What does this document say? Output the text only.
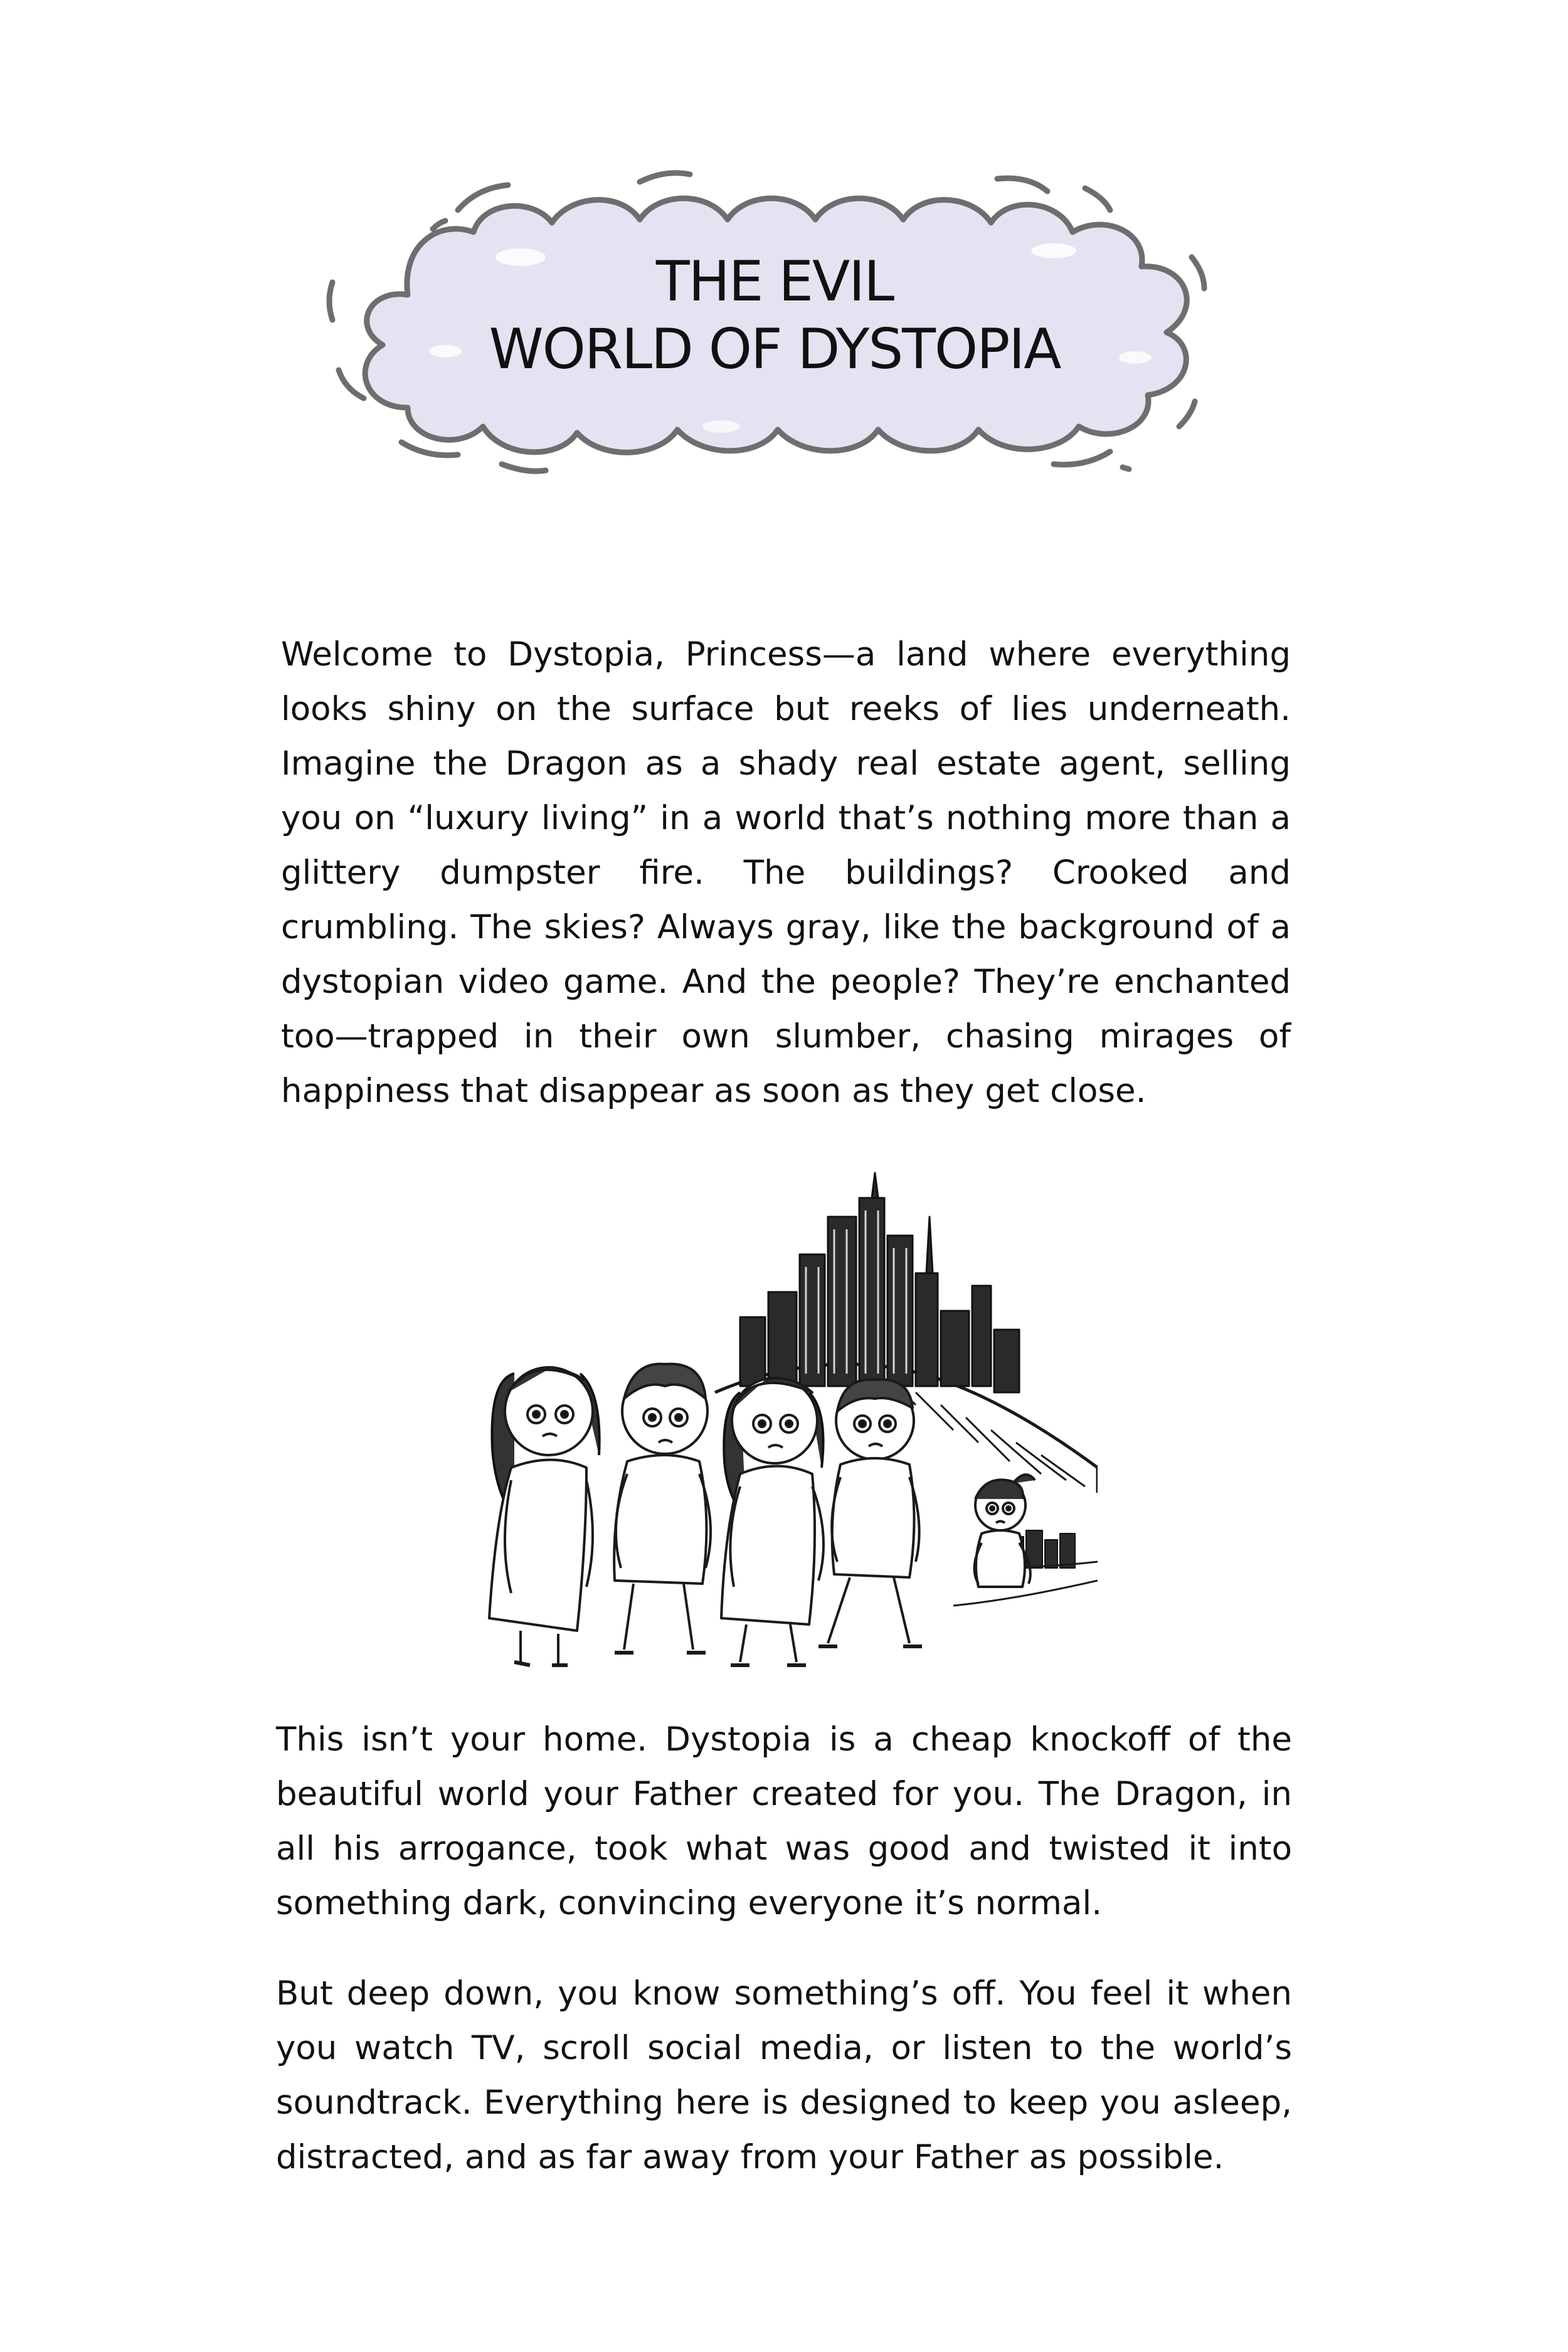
THE EVIL
WORLD OF DYSTOPIA

Welcome to Dystopia, Princess—a land where everything looks shiny on the surface but reeks of lies underneath. Imagine the Dragon as a shady real estate agent, selling you on “luxury living” in a world that’s nothing more than a glittery dumpster fire. The buildings? Crooked and crumbling. The skies? Always gray, like the background of a dystopian video game. And the people? They’re enchanted too—trapped in their own slumber, chasing mirages of happiness that disappear as soon as they get close.

This isn’t your home. Dystopia is a cheap knockoff of the beautiful world your Father created for you. The Dragon, in all his arrogance, took what was good and twisted it into something dark, convincing everyone it’s normal.

But deep down, you know something’s off. You feel it when you watch TV, scroll social media, or listen to the world’s soundtrack. Everything here is designed to keep you asleep, distracted, and as far away from your Father as possible.
